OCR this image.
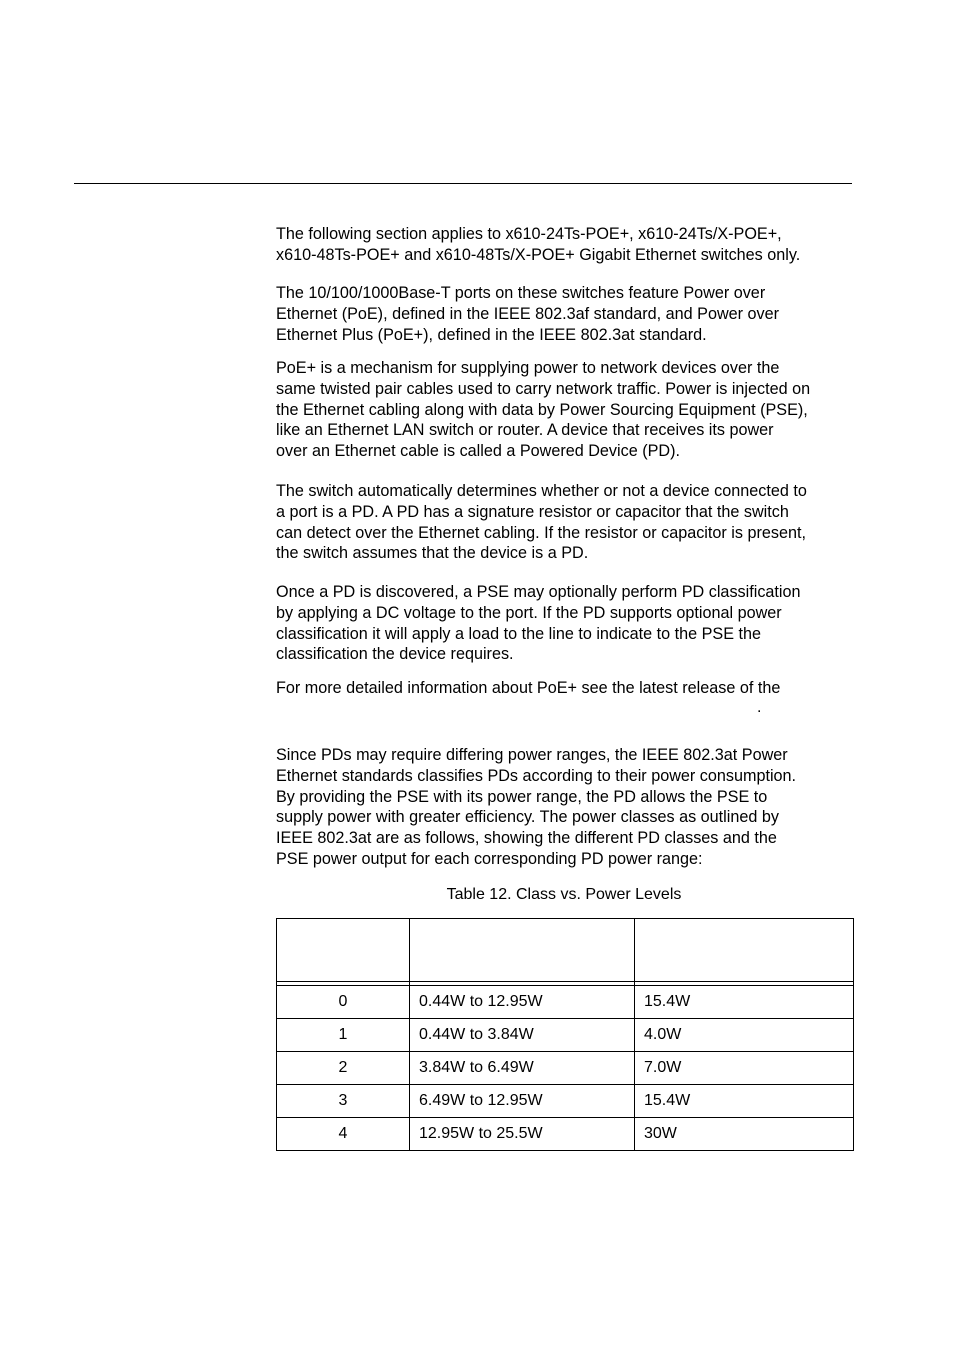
The following section applies to x610-24Ts-POE+, x610-24Ts/X-POE+,
x610-48Ts-POE+ and x610-48Ts/X-POE+ Gigabit Ethernet switches only.

The 10/100/1000Base-T ports on these switches feature Power over
Ethernet (PoE), defined in the IEEE 802.3af standard, and Power over
Ethernet Plus (PoE+), defined in the IEEE 802.3at standard.

PoE+ is a mechanism for supplying power to network devices over the
same twisted pair cables used to carry network traffic. Power is injected on
the Ethernet cabling along with data by Power Sourcing Equipment (PSE),
like an Ethernet LAN switch or router. A device that receives its power
over an Ethernet cable is called a Powered Device (PD).

The switch automatically determines whether or not a device connected to
a port is a PD. A PD has a signature resistor or capacitor that the switch
can detect over the Ethernet cabling. If the resistor or capacitor is present,
the switch assumes that the device is a PD.

Once a PD is discovered, a PSE may optionally perform PD classification
by applying a DC voltage to the port. If the PD supports optional power
classification it will apply a load to the line to indicate to the PSE the
classification the device requires.

For more detailed information about PoE+ see the latest release of the

.

Since PDs may require differing power ranges, the IEEE 802.3at Power
Ethernet standards classifies PDs according to their power consumption.
By providing the PSE with its power range, the PD allows the PSE to
supply power with greater efficiency. The power classes as outlined by
IEEE 802.3at are as follows, showing the different PD classes and the
PSE power output for each corresponding PD power range:

Table 12. Class vs. Power Levels

0	0.44W to 12.95W	15.4W
1	0.44W to 3.84W	4.0W
2	3.84W to 6.49W	7.0W
3	6.49W to 12.95W	15.4W
4	12.95W to 25.5W	30W
